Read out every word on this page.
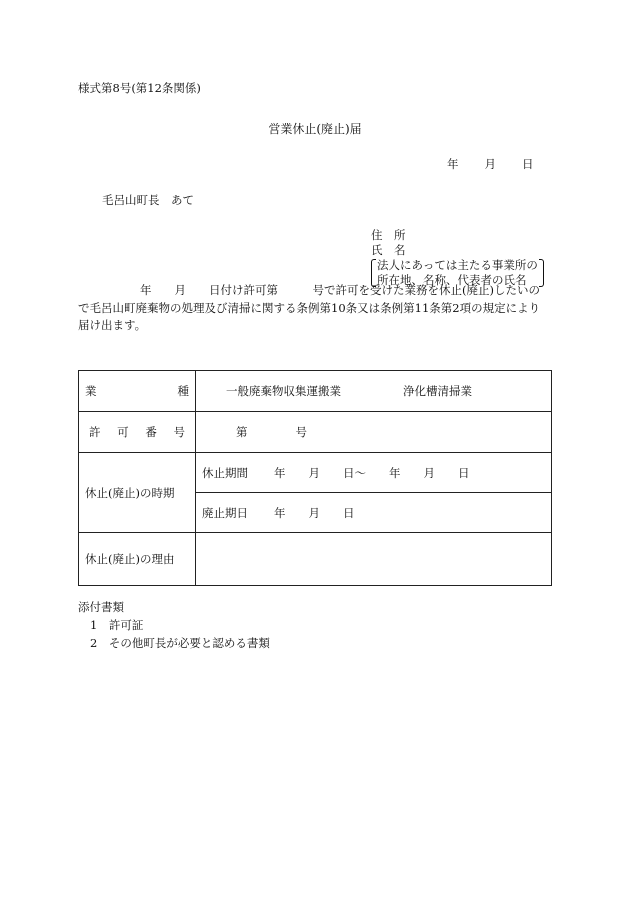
様式第8号(第12条関係)
営業休止(廃止)届
年 月 日
毛呂山町長　あて
住　所
氏　名
法人にあっては主たる事業所の
所在地、名称、代表者の氏名
年　　月　　日付け許可第　　　号で許可を受けた業務を休止(廃止)したいの
で毛呂山町廃棄物の処理及び清掃に関する条例第10条又は条例第11条第2項の規定により
届け出ます。
業 種	一般廃棄物収集運搬業 浄化槽清掃業

許 可 番 号	第 号
休止(廃止)の時期	休止期間 年　　月　　日～　　年　　月　　日
	廃止期日 年　　月　　日
休止(廃止)の理由	
添付書類
1　許可証
2　その他町長が必要と認める書類
